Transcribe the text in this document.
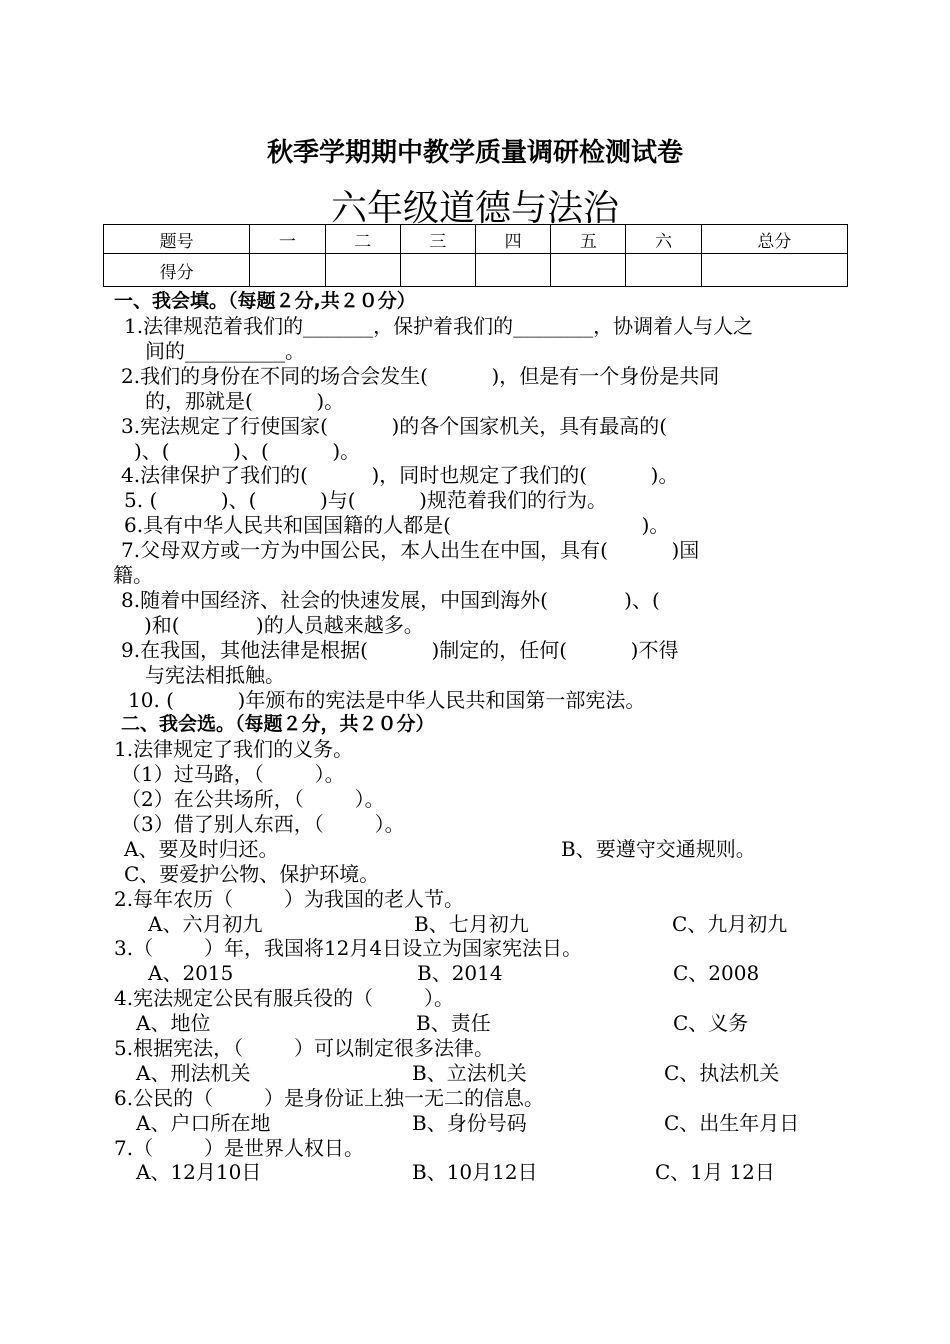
秋季学期期中教学质量调研检测试卷
六年级道德与法治
题号	一	二	三	四	五	六	总分
得分							
一、我会填。（每题２分,共２０分）
1.法律规范着我们的_______，保护着我们的________，协调着人与人之
间的__________。
2.我们的身份在不同的场合会发生(          )，但是有一个身份是共同
的，那就是(          )。
3.宪法规定了行使国家(          )的各个国家机关，具有最高的(
)、(          )、(          )。
4.法律保护了我们的(          )，同时也规定了我们的(          )。
5. (          )、(          )与(          )规范着我们的行为。
6.具有中华人民共和国国籍的人都是(                              )。
7.父母双方或一方为中国公民，本人出生在中国，具有(          )国
籍。
8.随着中国经济、社会的快速发展，中国到海外(            )、(
)和(            )的人员越来越多。
9.在我国，其他法律是根据(          )制定的，任何(          )不得
与宪法相抵触。
10. (          )年颁布的宪法是中华人民共和国第一部宪法。
二、我会选。（每题２分，共２０分）
1.法律规定了我们的义务。
（1）过马路，（        ）。
（2）在公共场所，（        ）。
（3）借了别人东西，（        ）。
A、要及时归还。	B、要遵守交通规则。
C、要爱护公物、保护环境。
2.每年农历（        ）为我国的老人节。
A、六月初九	B、七月初九	C、九月初九
3.（        ）年，我国将12月4日设立为国家宪法日。
A、2015	B、2014	C、2008
4.宪法规定公民有服兵役的（        ）。
A、地位	B、责任	C、义务
5.根据宪法，（        ）可以制定很多法律。
A、刑法机关	B、立法机关	C、执法机关
6.公民的（        ）是身份证上独一无二的信息。
A、户口所在地	B、身份号码	C、出生年月日
7.（        ）是世界人权日。
A、12月10日	B、10月12日	C、1月 12日
